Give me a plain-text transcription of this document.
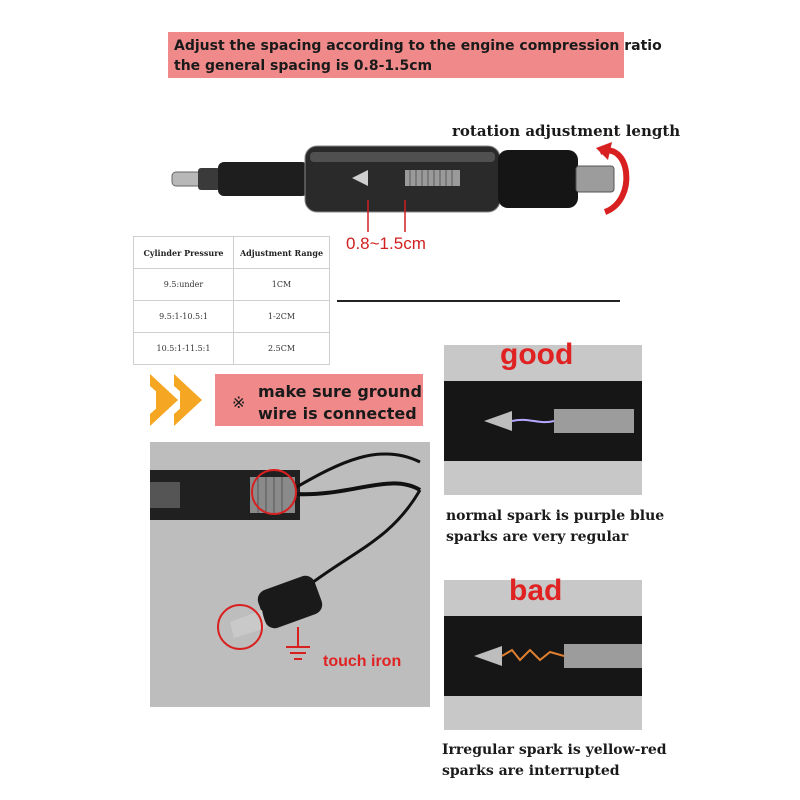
Adjust the spacing according to the engine compression ratio
the general spacing is 0.8-1.5cm
rotation adjustment length
0.8~1.5cm
Cylinder Pressure	Adjustment Range
9.5:under	1CM
9.5:1-10.5:1	1-2CM
10.5:1-11.5:1	2.5CM
※
make sure ground
wire is connected
touch iron
good
normal spark is purple blue
sparks are very regular
bad
Irregular spark is yellow-red
sparks are interrupted
